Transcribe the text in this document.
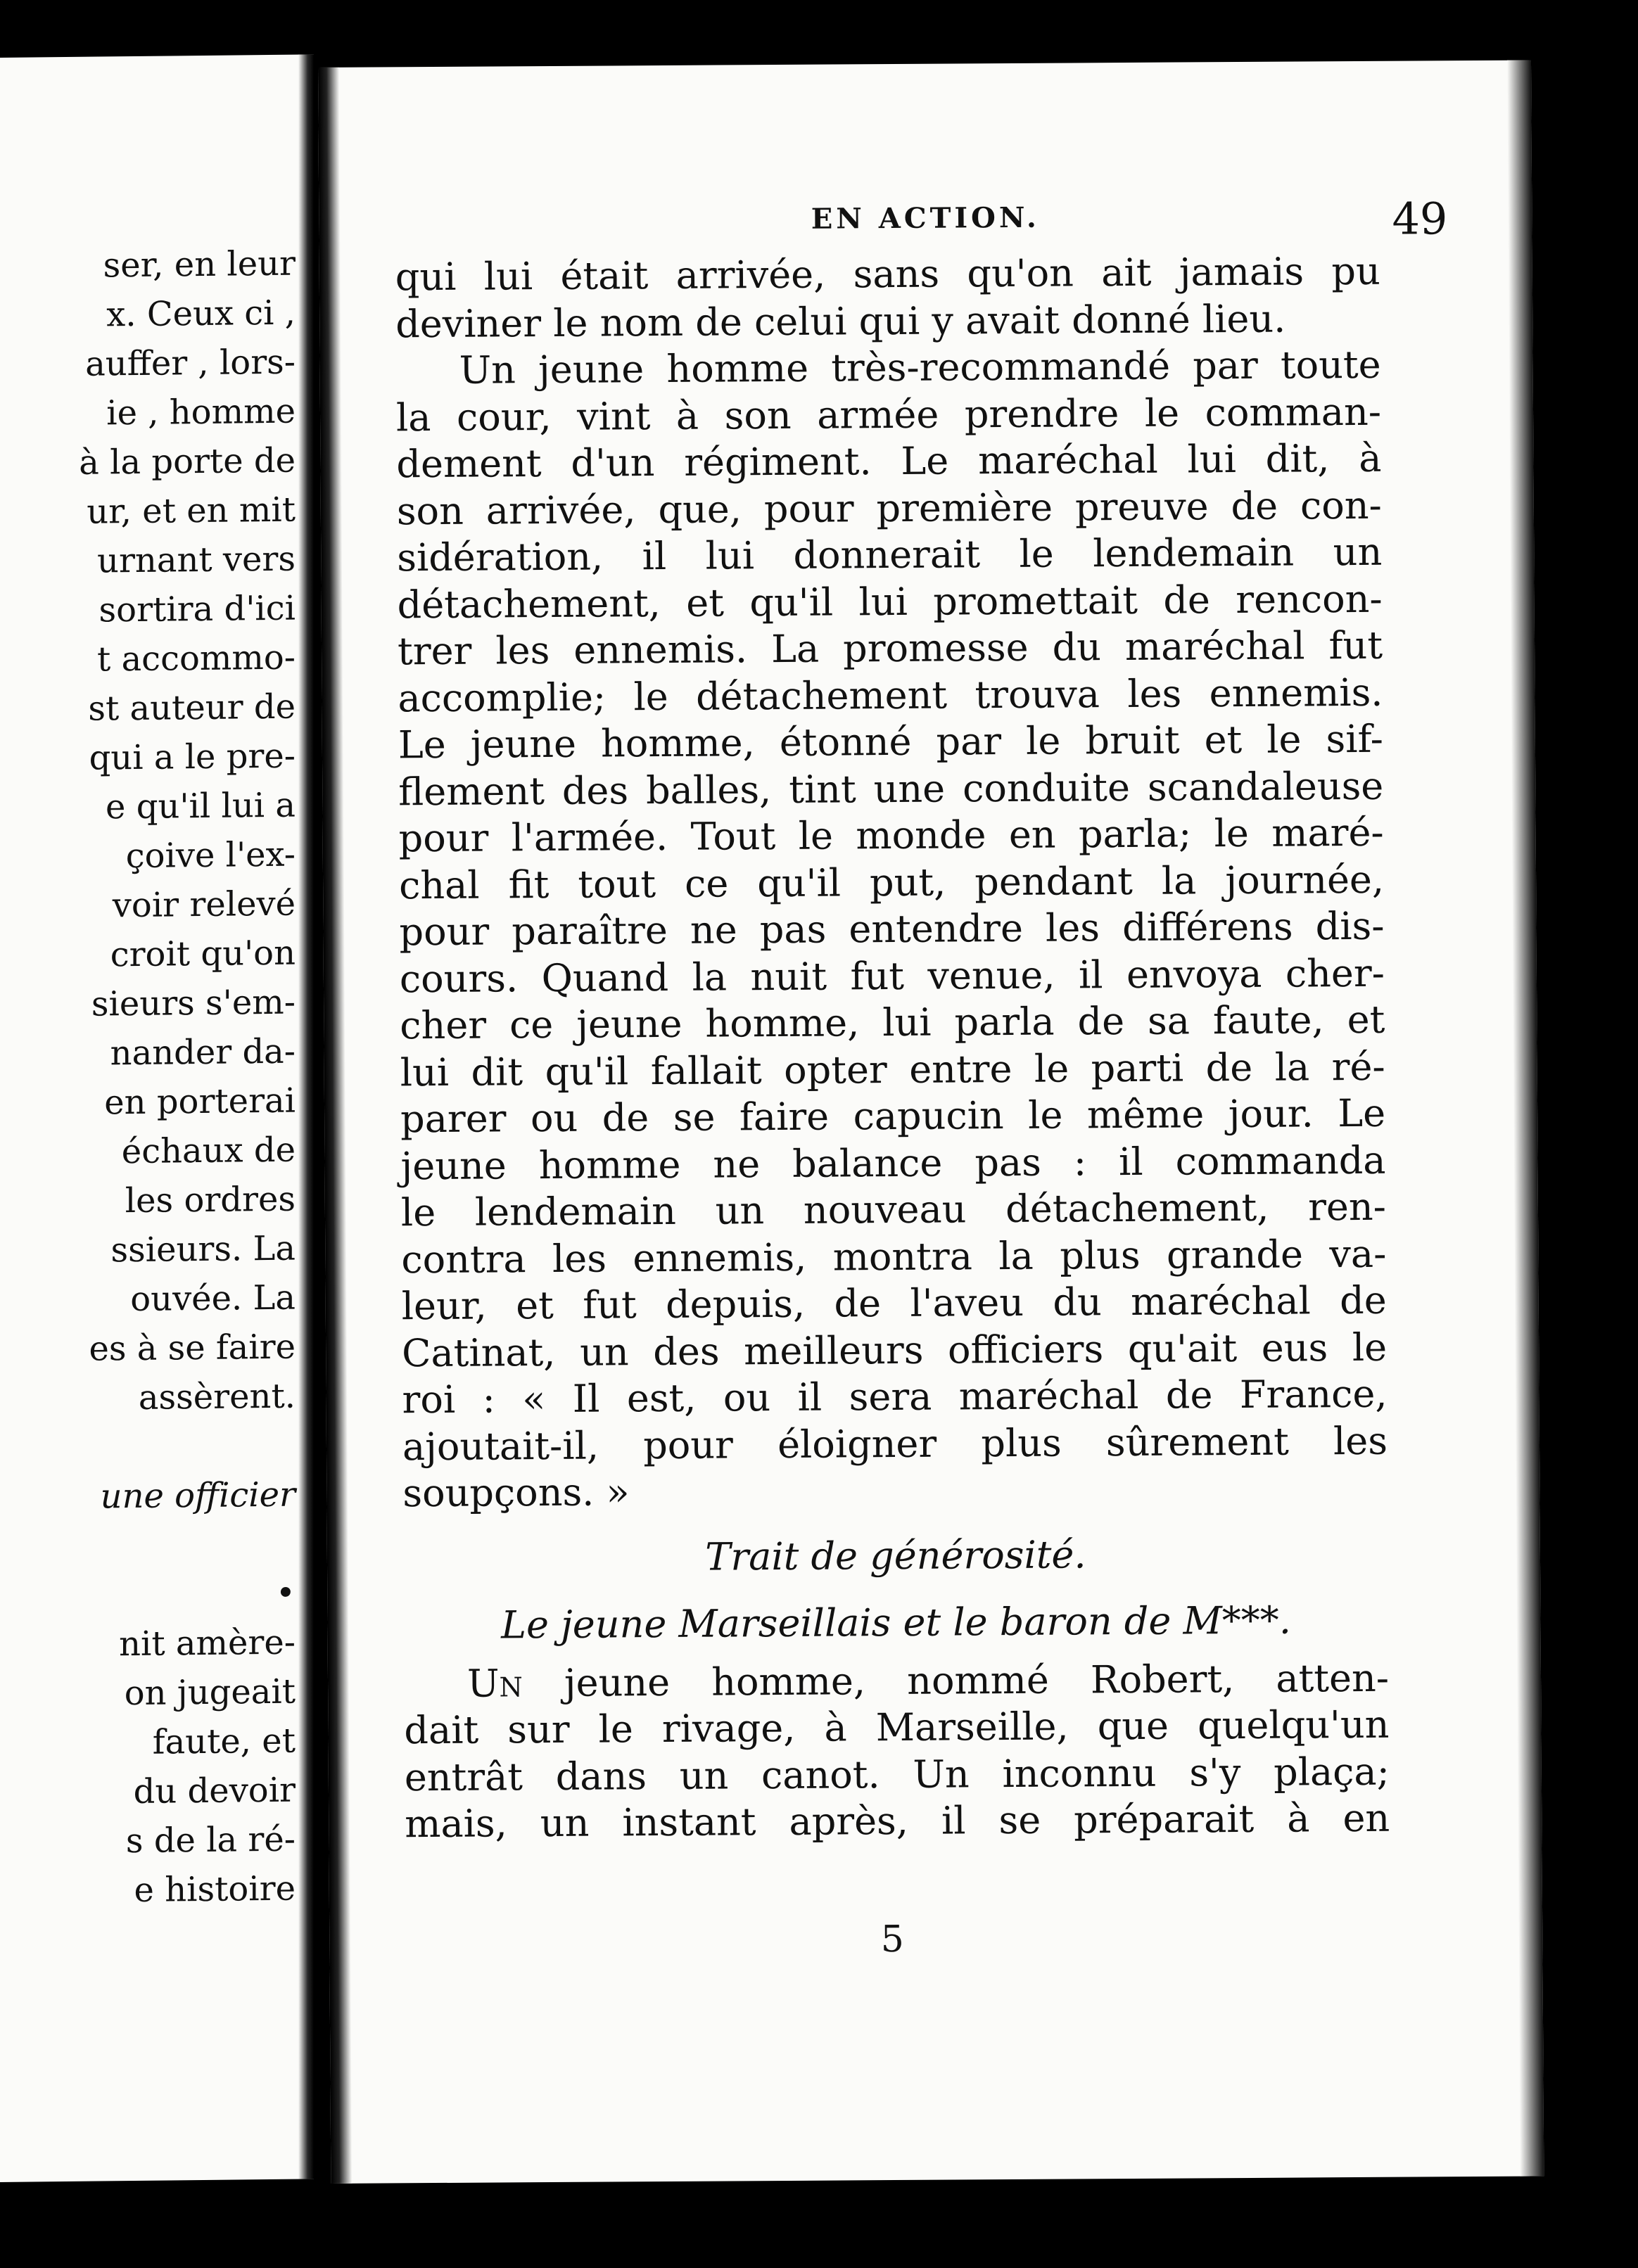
ser, en leur
x. Ceux ci ,
auffer , lors-
ie , homme
à la porte de
ur, et en mit
urnant vers
sortira d'ici
t accommo-
st auteur de
qui a le pre-
e qu'il lui a
çoive l'ex-
voir relevé
croit qu'on
sieurs s'em-
nander da-
en porterai
échaux de
les ordres
ssieurs. La
ouvée. La
es à se faire
assèrent.
une officier
•
nit amère-
on jugeait
faute, et
du devoir
s de la ré-
e histoire
EN ACTION.	49
qui lui était arrivée, sans qu'on ait jamais pu
deviner le nom de celui qui y avait donné lieu.
Un jeune homme très-recommandé par toute
la cour, vint à son armée prendre le comman-
dement d'un régiment. Le maréchal lui dit, à
son arrivée, que, pour première preuve de con-
sidération, il lui donnerait le lendemain un
détachement, et qu'il lui promettait de rencon-
trer les ennemis. La promesse du maréchal fut
accomplie; le détachement trouva les ennemis.
Le jeune homme, étonné par le bruit et le sif-
flement des balles, tint une conduite scandaleuse
pour l'armée. Tout le monde en parla; le maré-
chal fit tout ce qu'il put, pendant la journée,
pour paraître ne pas entendre les différens dis-
cours. Quand la nuit fut venue, il envoya cher-
cher ce jeune homme, lui parla de sa faute, et
lui dit qu'il fallait opter entre le parti de la ré-
parer ou de se faire capucin le même jour. Le
jeune homme ne balance pas : il commanda
le lendemain un nouveau détachement, ren-
contra les ennemis, montra la plus grande va-
leur, et fut depuis, de l'aveu du maréchal de
Catinat, un des meilleurs officiers qu'ait eus le
roi : « Il est, ou il sera maréchal de France,
ajoutait-il, pour éloigner plus sûrement les
soupçons. »
Trait de générosité.
Le jeune Marseillais et le baron de M***.
Un jeune homme, nommé Robert, atten-
dait sur le rivage, à Marseille, que quelqu'un
entrât dans un canot. Un inconnu s'y plaça;
mais, un instant après, il se préparait à en
5
